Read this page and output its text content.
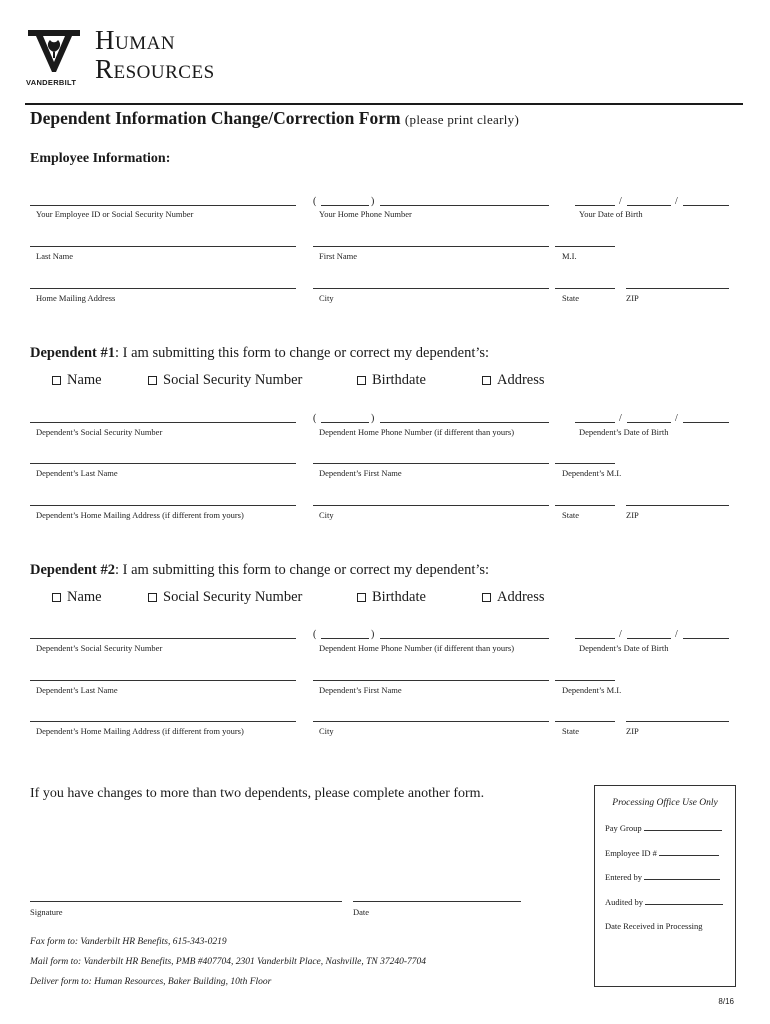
VANDERBILT
Human
Resources
Dependent Information Change/Correction Form (please print clearly)
Employee Information:
(	)	/	/
Your Employee ID or Social Security Number	Your Home Phone Number	Your Date of Birth
Last Name	First Name	M.I.
Home Mailing Address	City	State	ZIP
Dependent #1: I am submitting this form to change or correct my dependent’s:
Name	Social Security Number	Birthdate	Address
(	)	/	/
Dependent’s Social Security Number	Dependent Home Phone Number (if different than yours)	Dependent’s Date of Birth
Dependent’s Last Name	Dependent’s First Name	Dependent’s M.I.
Dependent’s Home Mailing Address (if different from yours)	City	State	ZIP
Dependent #2: I am submitting this form to change or correct my dependent’s:
Name	Social Security Number	Birthdate	Address
(	)	/	/
Dependent’s Social Security Number	Dependent Home Phone Number (if different than yours)	Dependent’s Date of Birth
Dependent’s Last Name	Dependent’s First Name	Dependent’s M.I.
Dependent’s Home Mailing Address (if different from yours)	City	State	ZIP
If you have changes to more than two dependents, please complete another form.
Signature	Date
Fax form to: Vanderbilt HR Benefits, 615-343-0219
Mail form to: Vanderbilt HR Benefits, PMB #407704, 2301 Vanderbilt Place, Nashville, TN 37240-7704
Deliver form to: Human Resources, Baker Building, 10th Floor
Processing Office Use Only
Pay Group
Employee ID #
Entered by
Audited by
Date Received in Processing
8/16
